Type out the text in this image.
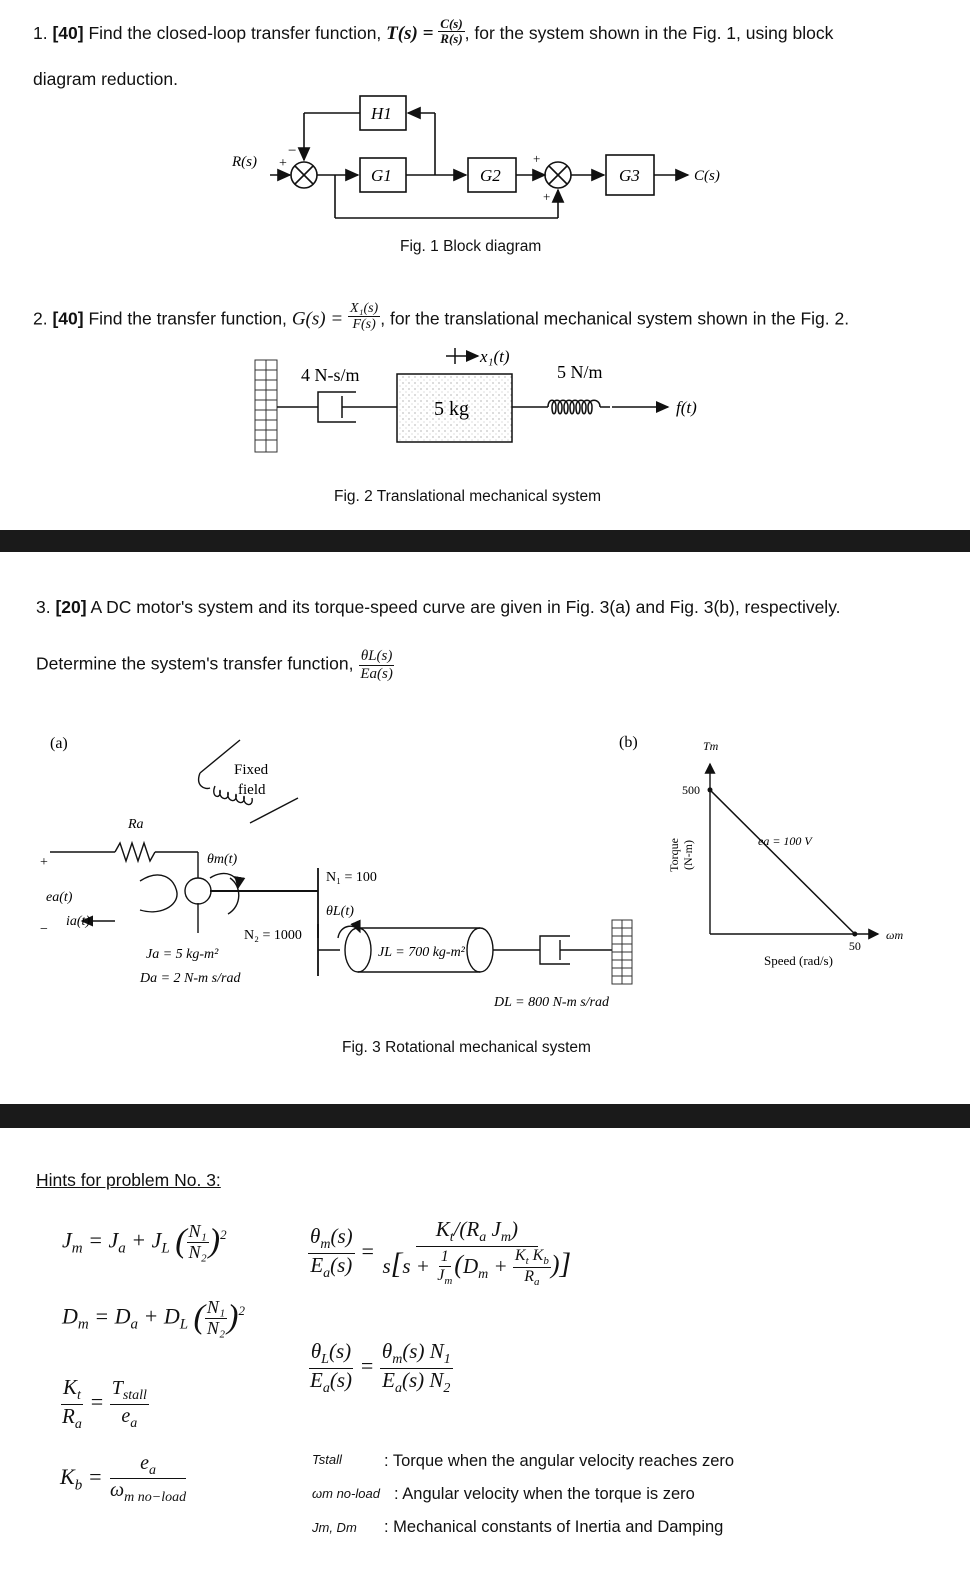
1. [40] Find the closed-loop transfer function, $T(s) = \frac{C(s)}{R(s)}$ , for the system shown in the Fig. 1, using block
diagram reduction.
R(s) +
−	+
+
H1
G1	G2	G3	C(s)
Fig. 1 Block diagram
2. [40] Find the transfer function, $G(s) = \frac{\text{X₁(s)}}{F(s)}$ , for the translational mechanical system shown in the Fig. 2.
4 N-s/m
5 kg
5 N/m
x₁(t)
f(t)
Fig. 2 Translational mechanical system
3. [20] A DC motor's system and its torque-speed curve are given in Fig. 3(a) and Fig. 3(b), respectively.
Determine the system's transfer function, $\frac{\theta L(s)}{Ea(s)}$
(a)
Fixed
field
Ra
+
ea(t)
−
ia(t)
θm(t)
Ja = 5 kg-m²
Da = 2 N-m s/rad
N₁ = 100
N₂ = 1000
θL(t)
JL = 700 kg-m²
DL = 800 N-m s/rad
(b)	Tm
500
50
Torque (N-m)
Speed (rad/s)
ωm
ea = 100 V
Fig. 3 Rotational mechanical system
Hints for problem No. 3:
$J_m = J_a + J_L$ ( $\frac{\text{N₁}}{\text{N₂}} )^2$
$D_m = D_a + D_L$ ( $\frac{\text{N₁}}{\text{N₂}} )^2$
$\frac{K_t}{R_a} = \frac{T_{stall}}{e_a}$
$K_b = \frac{e_a}{\omega_{m no-load}}$
$\frac{\theta_m(s)}{E_a(s)} = \frac{K_t/(R_a J_m)}{s[s + \frac{1}{J_m} (D_m + \frac{K_t K_b}{R_a} )]}$
$\frac{\theta_L(s)}{E_a(s)} = \frac{\theta_m(s) N_1}{E_a(s) N_2}$
Tstall	: Torque when the angular velocity reaches zero
ωm no-load : Angular velocity when the torque is zero
Jm, Dm	: Mechanical constants of Inertia and Damping
